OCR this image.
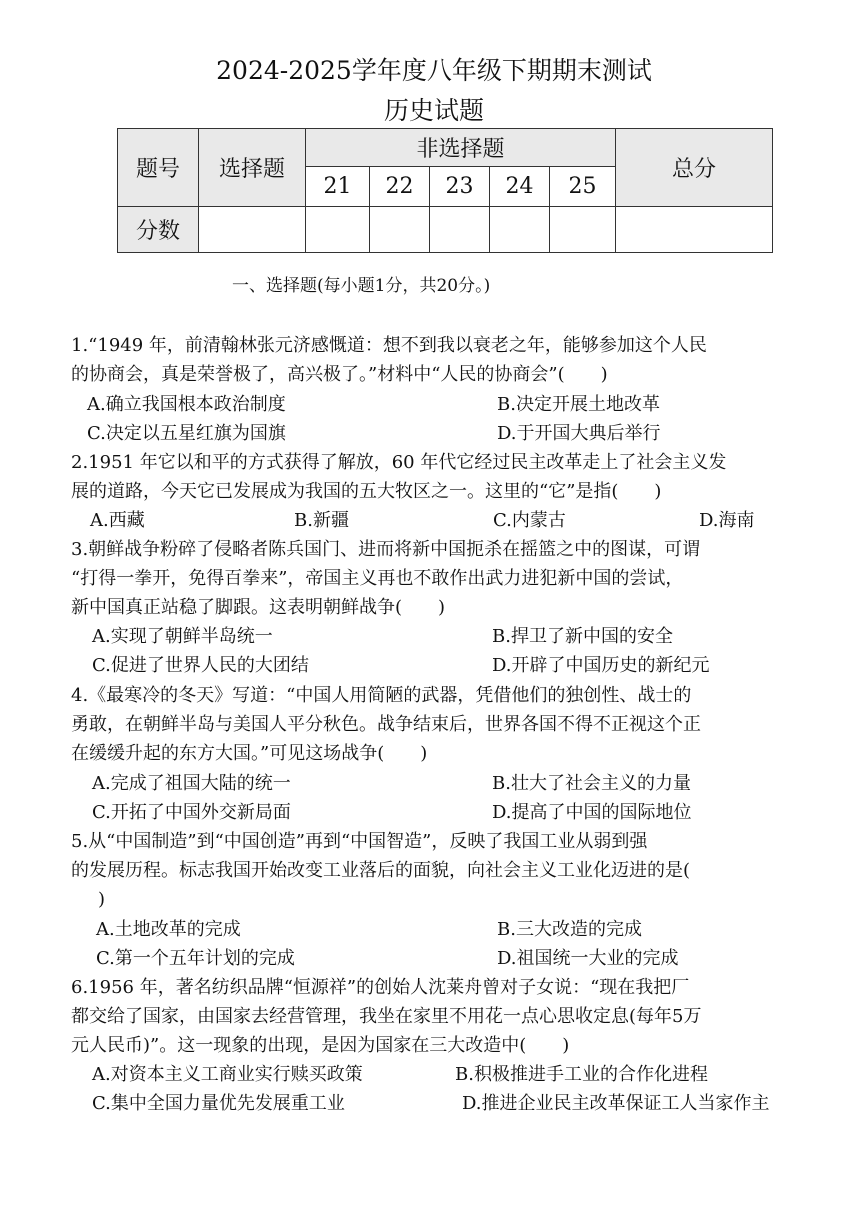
2024-2025学年度八年级下期期末测试
历史试题
题号	选择题	非选择题					总分
		21	22	23	24	25	
分数							
一、选择题(每小题1分，共20分。)
1.“1949 年，前清翰林张元济感慨道：想不到我以衰老之年，能够参加这个人民
的协商会，真是荣誉极了，高兴极了。”材料中“人民的协商会”(　　)
A.确立我国根本政治制度	B.决定开展土地改革
C.决定以五星红旗为国旗	D.于开国大典后举行
2.1951 年它以和平的方式获得了解放，60 年代它经过民主改革走上了社会主义发
展的道路，今天它已发展成为我国的五大牧区之一。这里的“它”是指(　　)
A.西藏	B.新疆	C.内蒙古	D.海南
3.朝鲜战争粉碎了侵略者陈兵国门、进而将新中国扼杀在摇篮之中的图谋，可谓
“打得一拳开，免得百拳来”，帝国主义再也不敢作出武力进犯新中国的尝试，
新中国真正站稳了脚跟。这表明朝鲜战争(　　)
A.实现了朝鲜半岛统一	B.捍卫了新中国的安全
C.促进了世界人民的大团结	D.开辟了中国历史的新纪元
4.《最寒冷的冬天》写道：“中国人用简陋的武器，凭借他们的独创性、战士的
勇敢，在朝鲜半岛与美国人平分秋色。战争结束后，世界各国不得不正视这个正
在缓缓升起的东方大国。”可见这场战争(　　)
A.完成了祖国大陆的统一	B.壮大了社会主义的力量
C.开拓了中国外交新局面	D.提高了中国的国际地位
5.从“中国制造”到“中国创造”再到“中国智造”，反映了我国工业从弱到强
的发展历程。标志我国开始改变工业落后的面貌，向社会主义工业化迈进的是(
　)
A.土地改革的完成	B.三大改造的完成
C.第一个五年计划的完成	D.祖国统一大业的完成
6.1956 年，著名纺织品牌“恒源祥”的创始人沈莱舟曾对子女说：“现在我把厂
都交给了国家，由国家去经营管理，我坐在家里不用花一点心思收定息(每年5万
元人民币)”。这一现象的出现，是因为国家在三大改造中(　　)
A.对资本主义工商业实行赎买政策	B.积极推进手工业的合作化进程
C.集中全国力量优先发展重工业	D.推进企业民主改革保证工人当家作主
